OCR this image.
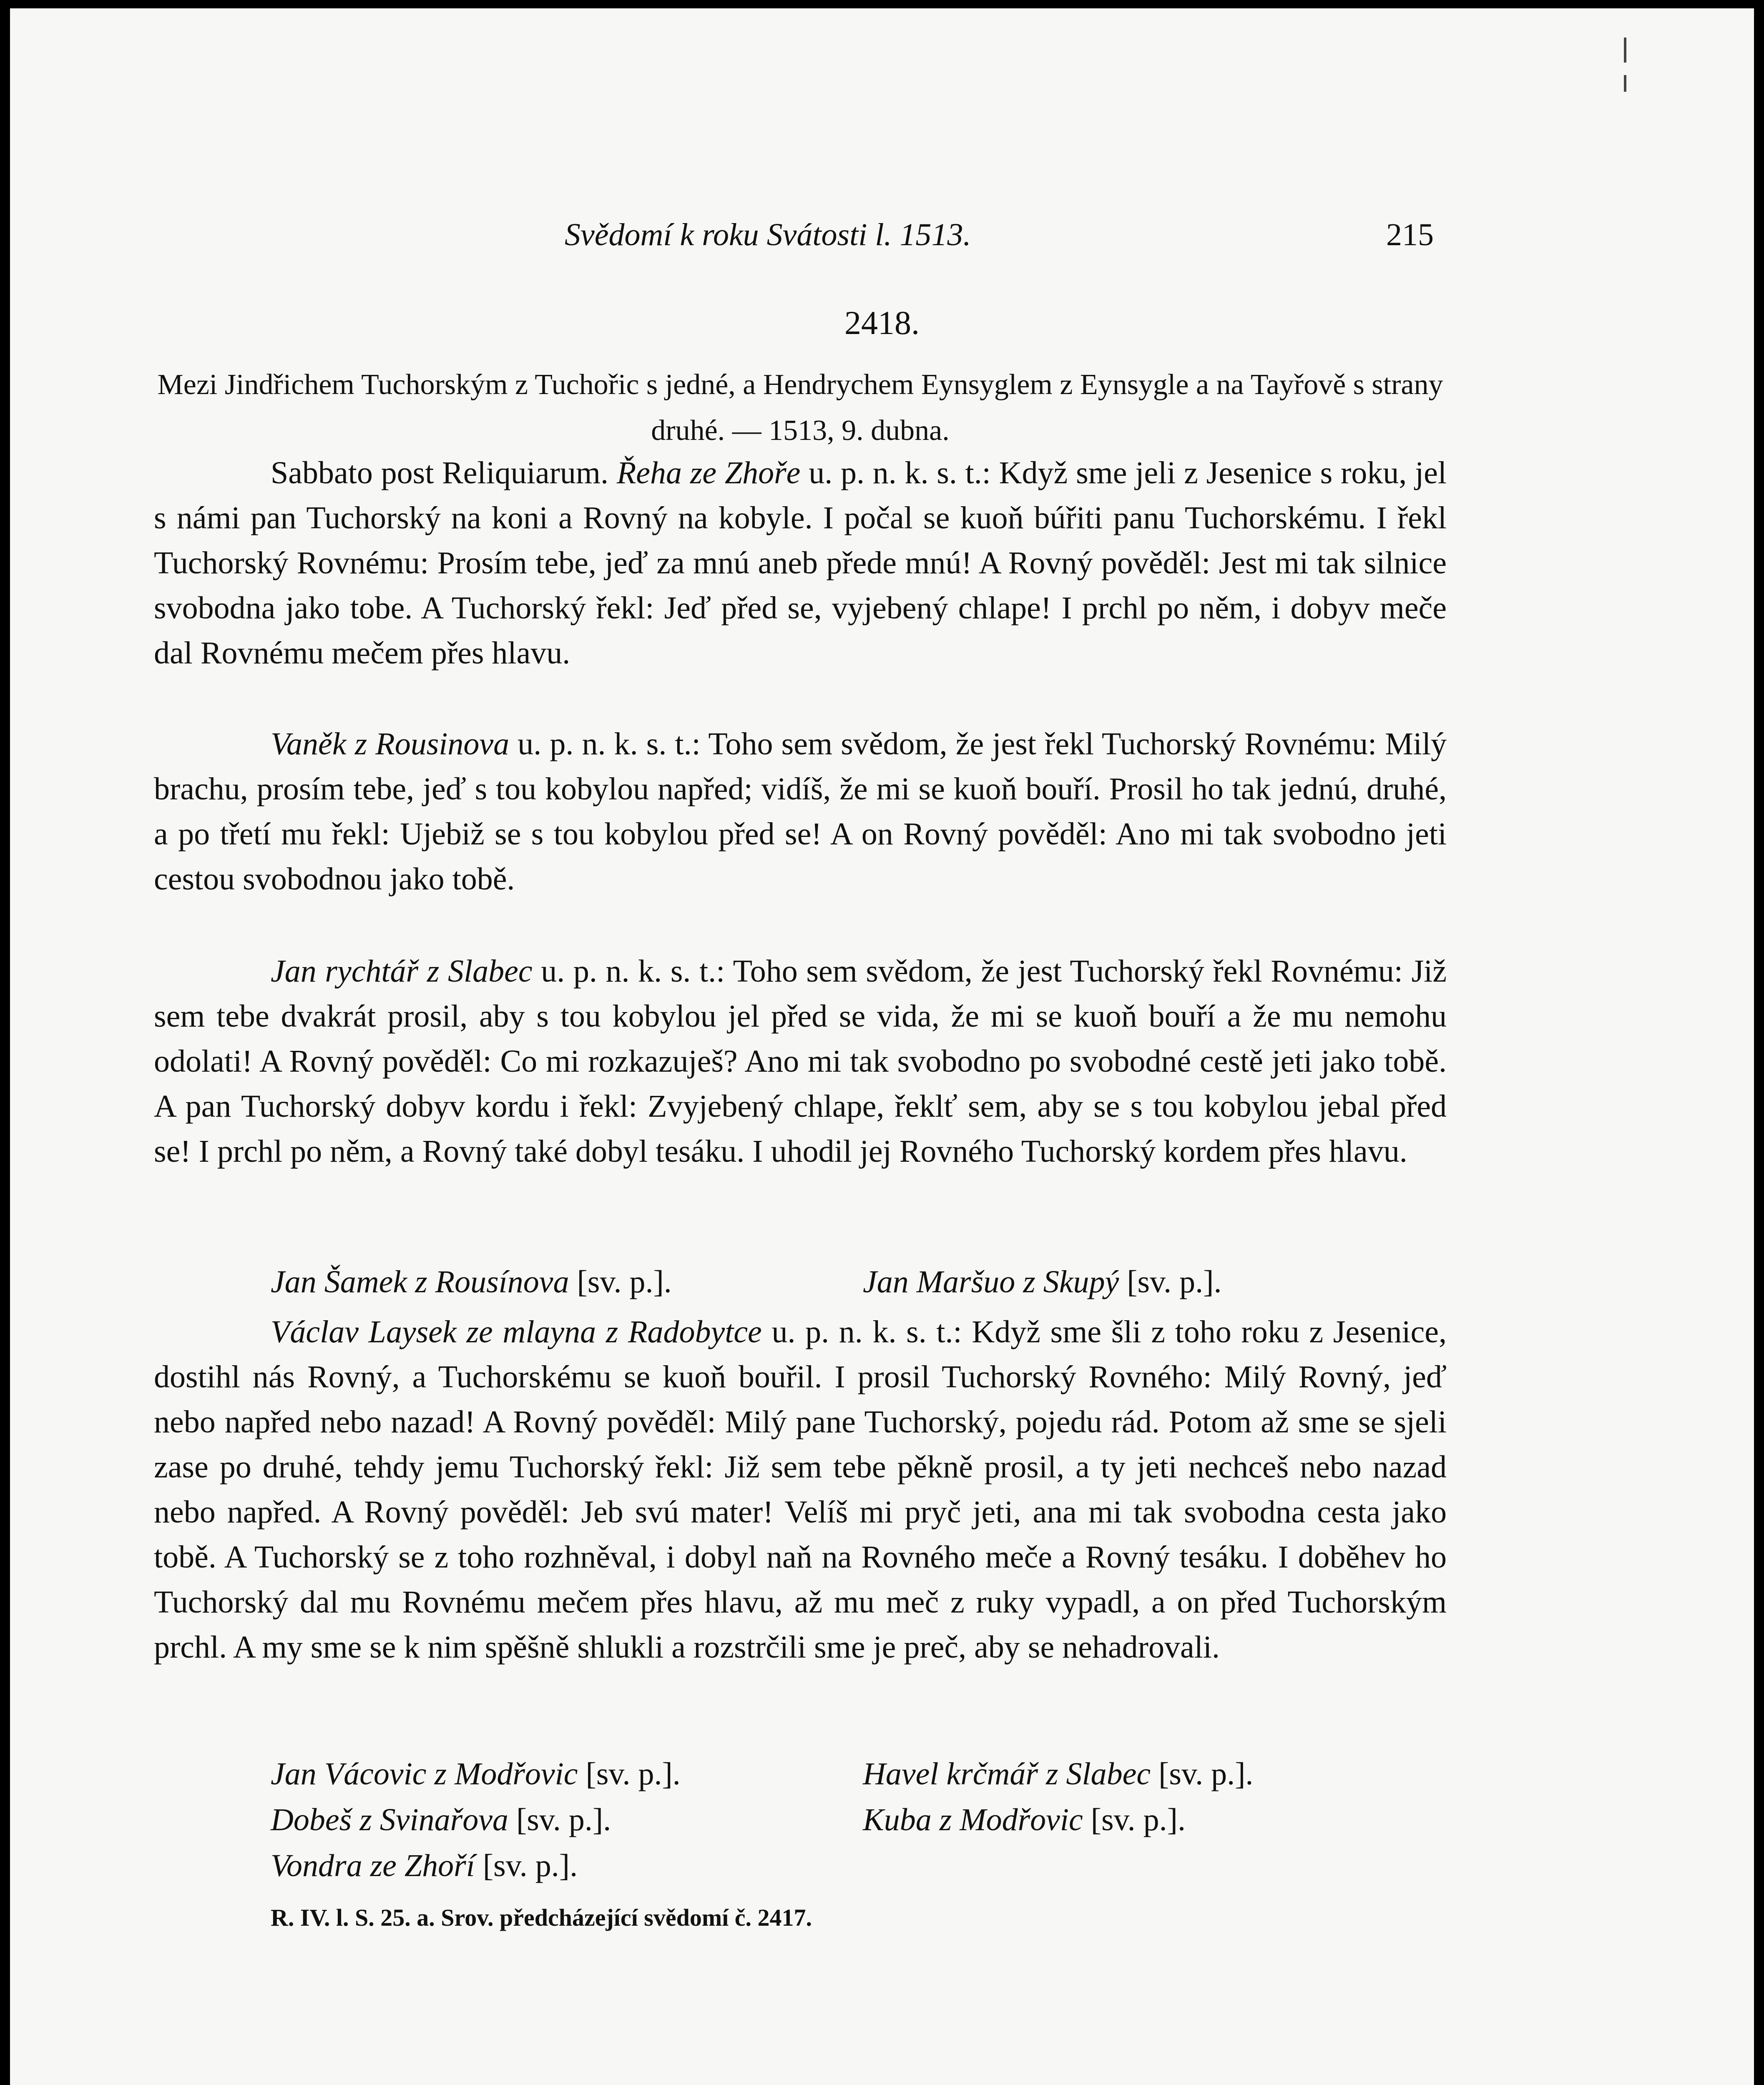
Svědomí k roku Svátosti l. 1513.	215
2418.
Mezi Jindřichem Tuchorským z Tuchořic s jedné, a Hendrychem Eynsyglem z Eynsygle a na Tayřově s strany druhé. — 1513, 9. dubna.
Sabbato post Reliquiarum. Řeha ze Zhoře u. p. n. k. s. t.: Když sme jeli z Jesenice s roku, jel s námi pan Tuchorský na koni a Rovný na kobyle. I počal se kuoň búřiti panu Tuchorskému. I řekl Tuchorský Rovnému: Prosím tebe, jeď za mnú aneb přede mnú! A Rovný pověděl: Jest mi tak silnice svobodna jako tobe. A Tuchorský řekl: Jeď před se, vyjebený chlape! I prchl po něm, i dobyv meče dal Rovnému mečem přes hlavu.
Vaněk z Rousinova u. p. n. k. s. t.: Toho sem svědom, že jest řekl Tuchorský Rovnému: Milý brachu, prosím tebe, jeď s tou kobylou napřed; vidíš, že mi se kuoň bouří. Prosil ho tak jednú, druhé, a po třetí mu řekl: Ujebiž se s tou kobylou před se! A on Rovný pověděl: Ano mi tak svobodno jeti cestou svobodnou jako tobě.
Jan rychtář z Slabec u. p. n. k. s. t.: Toho sem svědom, že jest Tuchorský řekl Rovnému: Již sem tebe dvakrát prosil, aby s tou kobylou jel před se vida, že mi se kuoň bouří a že mu nemohu odolati! A Rovný pověděl: Co mi rozkazuješ? Ano mi tak svobodno po svobodné cestě jeti jako tobě. A pan Tuchorský dobyv kordu i řekl: Zvyjebený chlape, řeklť sem, aby se s tou kobylou jebal před se! I prchl po něm, a Rovný také dobyl tesáku. I uhodil jej Rovného Tuchorský kordem přes hlavu.
Jan Šamek z Rousínova [sv. p.].	Jan Maršuo z Skupý [sv. p.].
Václav Laysek ze mlayna z Radobytce u. p. n. k. s. t.: Když sme šli z toho roku z Jesenice, dostihl nás Rovný, a Tuchorskému se kuoň bouřil. I prosil Tuchorský Rovného: Milý Rovný, jeď nebo napřed nebo nazad! A Rovný pověděl: Milý pane Tuchorský, pojedu rád. Potom až sme se sjeli zase po druhé, tehdy jemu Tuchorský řekl: Již sem tebe pěkně prosil, a ty jeti nechceš nebo nazad nebo napřed. A Rovný pověděl: Jeb svú mater! Velíš mi pryč jeti, ana mi tak svobodna cesta jako tobě. A Tuchorský se z toho rozhněval, i dobyl naň na Rovného meče a Rovný tesáku. I doběhev ho Tuchorský dal mu Rovnému mečem přes hlavu, až mu meč z ruky vypadl, a on před Tuchorským prchl. A my sme se k nim spěšně shlukli a rozstrčili sme je preč, aby se nehadrovali.
Jan Vácovic z Modřovic [sv. p.].	Havel krčmář z Slabec [sv. p.].
Dobeš z Svinařova [sv. p.].	Kuba z Modřovic [sv. p.].
Vondra ze Zhoří [sv. p.].
R. IV. l. S. 25. a. Srov. předcházející svědomí č. 2417.
